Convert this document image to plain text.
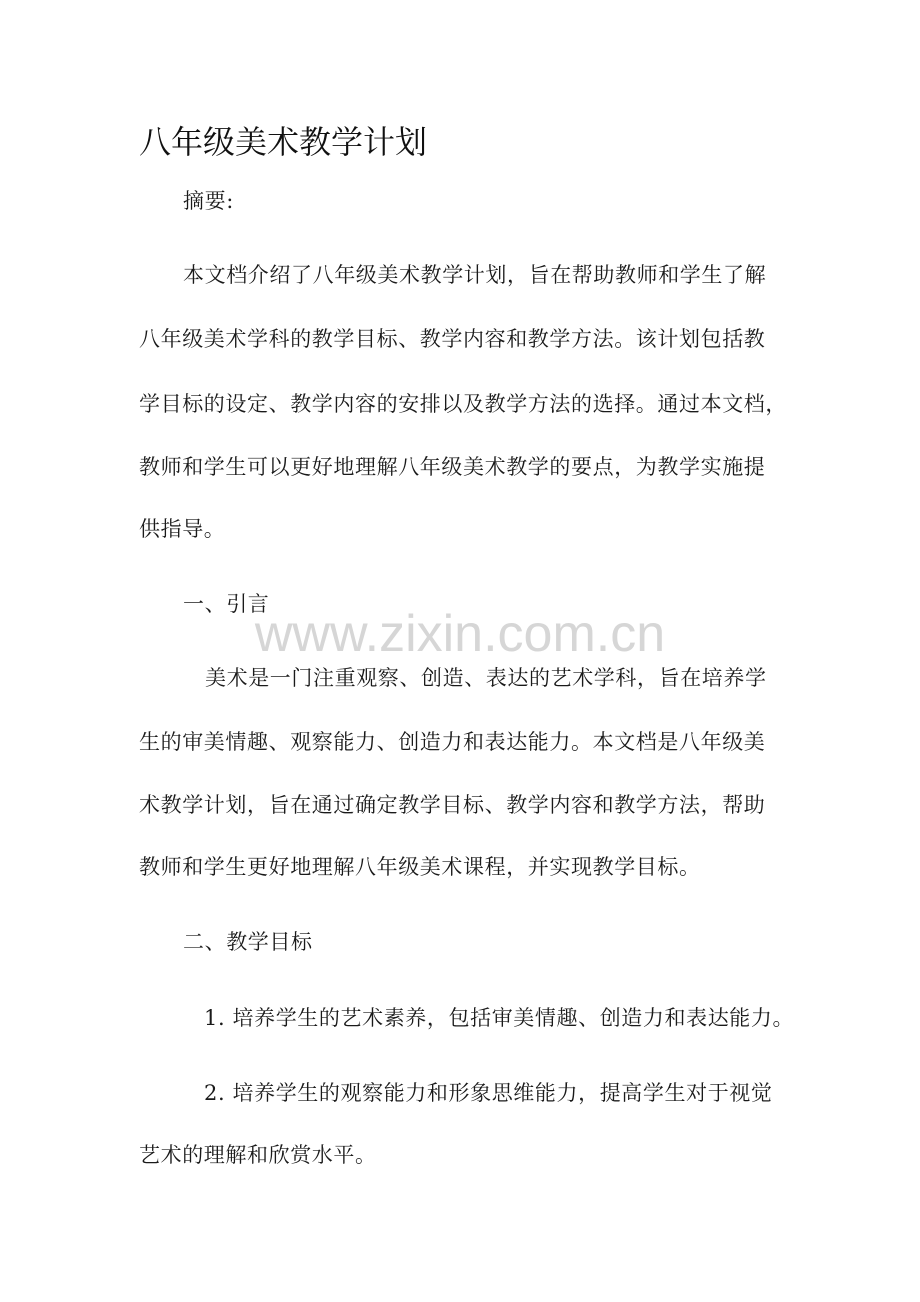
八年级美术教学计划
摘要:
本文档介绍了八年级美术教学计划，旨在帮助教师和学生了解
八年级美术学科的教学目标、教学内容和教学方法。该计划包括教
学目标的设定、教学内容的安排以及教学方法的选择。通过本文档，
教师和学生可以更好地理解八年级美术教学的要点，为教学实施提
供指导。
一、引言
www.zixin.com.cn
美术是一门注重观察、创造、表达的艺术学科，旨在培养学
生的审美情趣、观察能力、创造力和表达能力。本文档是八年级美
术教学计划，旨在通过确定教学目标、教学内容和教学方法，帮助
教师和学生更好地理解八年级美术课程，并实现教学目标。
二、教学目标
1. 培养学生的艺术素养，包括审美情趣、创造力和表达能力。
2. 培养学生的观察能力和形象思维能力，提高学生对于视觉
艺术的理解和欣赏水平。
